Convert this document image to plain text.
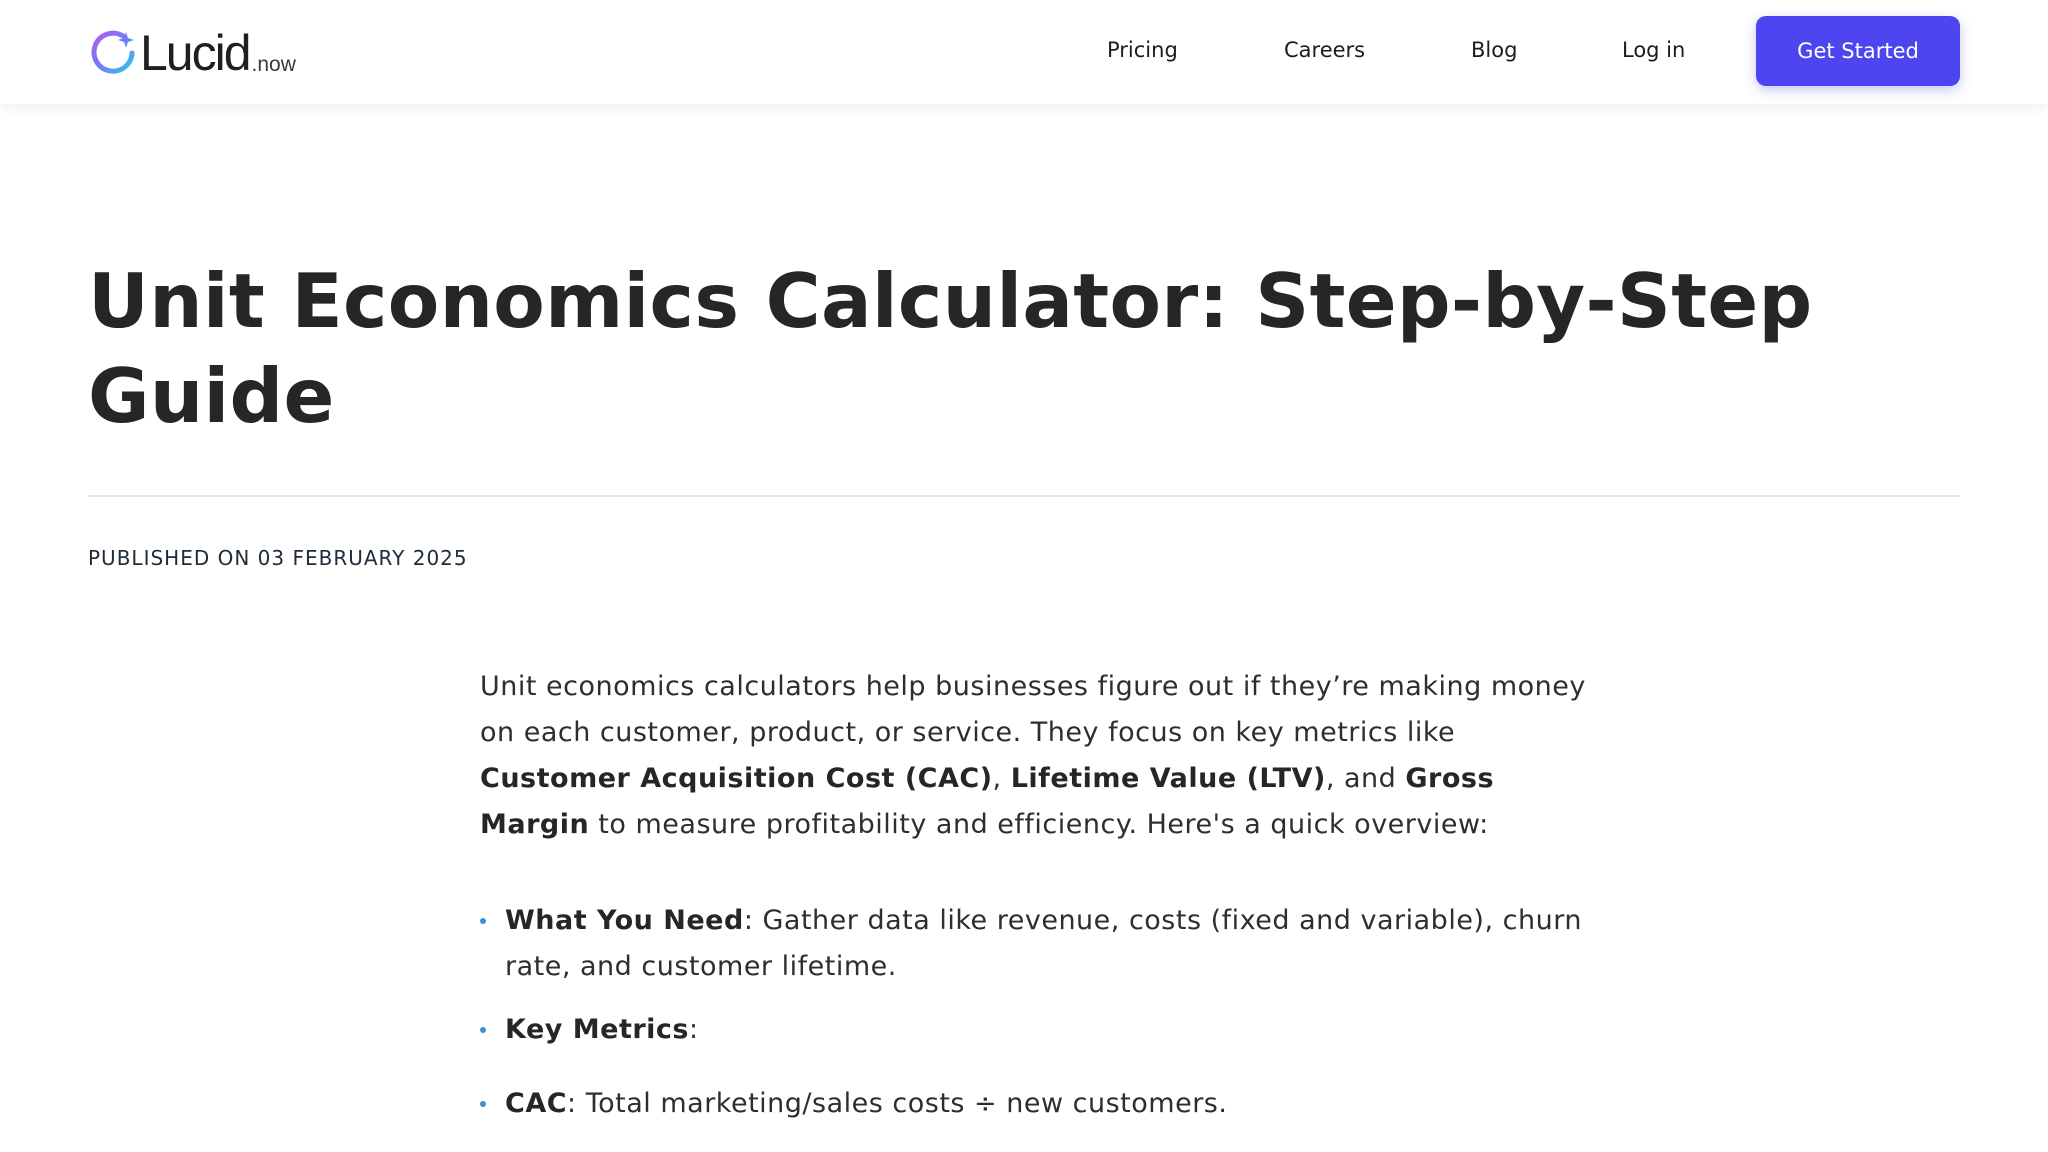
Lucid .now
Pricing	Careers	Blog	Log in	Get Started
Unit Economics Calculator: Step-by-Step Guide
PUBLISHED ON 03 FEBRUARY 2025

Unit economics calculators help businesses figure out if they’re making money on each customer, product, or service. They focus on key metrics like Customer Acquisition Cost (CAC), Lifetime Value (LTV), and Gross Margin to measure profitability and efficiency. Here's a quick overview:

What You Need: Gather data like revenue, costs (fixed and variable), churn rate, and customer lifetime.
Key Metrics:
CAC: Total marketing/sales costs ÷ new customers.
